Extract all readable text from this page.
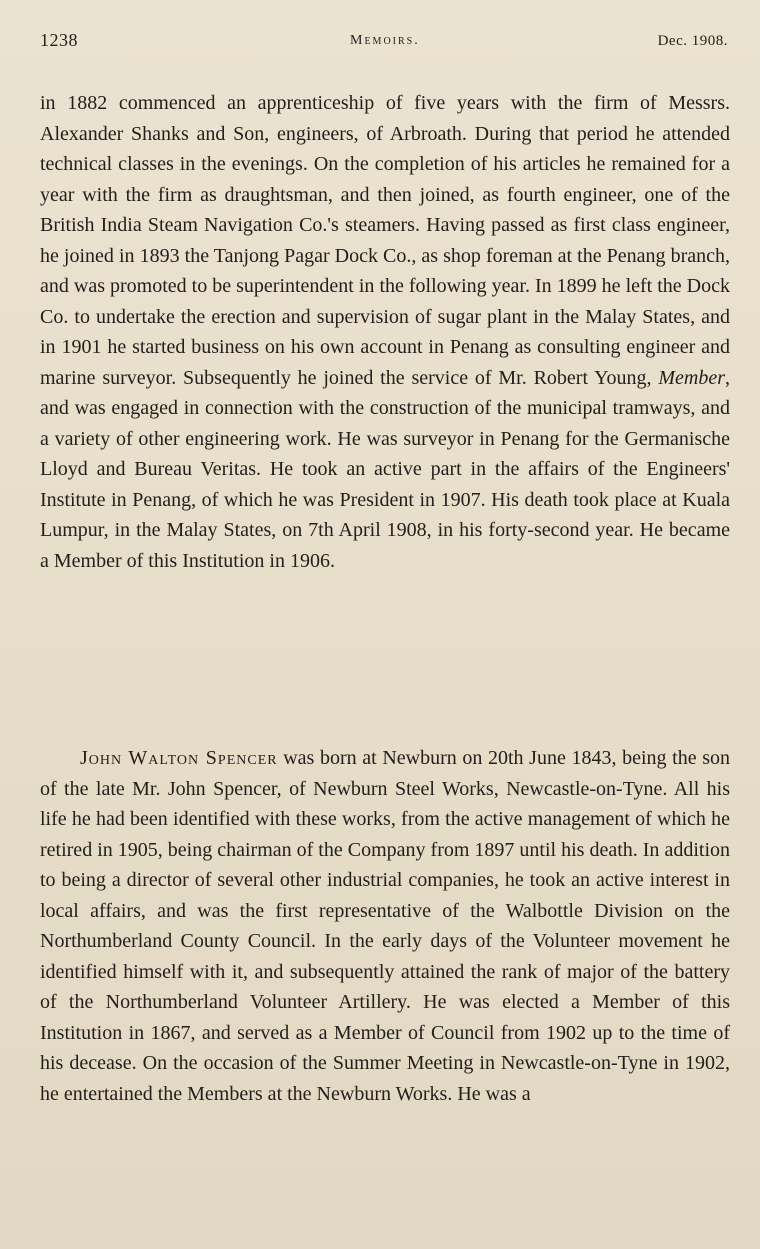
1238	Memoirs.	Dec. 1908.

in 1882 commenced an apprenticeship of five years with the firm of Messrs. Alexander Shanks and Son, engineers, of Arbroath. During that period he attended technical classes in the evenings. On the completion of his articles he remained for a year with the firm as draughtsman, and then joined, as fourth engineer, one of the British India Steam Navigation Co.'s steamers. Having passed as first class engineer, he joined in 1893 the Tanjong Pagar Dock Co., as shop foreman at the Penang branch, and was promoted to be superintendent in the following year. In 1899 he left the Dock Co. to undertake the erection and supervision of sugar plant in the Malay States, and in 1901 he started business on his own account in Penang as consulting engineer and marine surveyor. Subsequently he joined the service of Mr. Robert Young, Member, and was engaged in connection with the construction of the municipal tramways, and a variety of other engineering work. He was surveyor in Penang for the Germanische Lloyd and Bureau Veritas. He took an active part in the affairs of the Engineers' Institute in Penang, of which he was President in 1907. His death took place at Kuala Lumpur, in the Malay States, on 7th April 1908, in his forty-second year. He became a Member of this Institution in 1906.

John Walton Spencer was born at Newburn on 20th June 1843, being the son of the late Mr. John Spencer, of Newburn Steel Works, Newcastle-on-Tyne. All his life he had been identified with these works, from the active management of which he retired in 1905, being chairman of the Company from 1897 until his death. In addition to being a director of several other industrial companies, he took an active interest in local affairs, and was the first representative of the Walbottle Division on the Northumberland County Council. In the early days of the Volunteer movement he identified himself with it, and subsequently attained the rank of major of the battery of the Northumberland Volunteer Artillery. He was elected a Member of this Institution in 1867, and served as a Member of Council from 1902 up to the time of his decease. On the occasion of the Summer Meeting in Newcastle-on-Tyne in 1902, he entertained the Members at the Newburn Works. He was a
